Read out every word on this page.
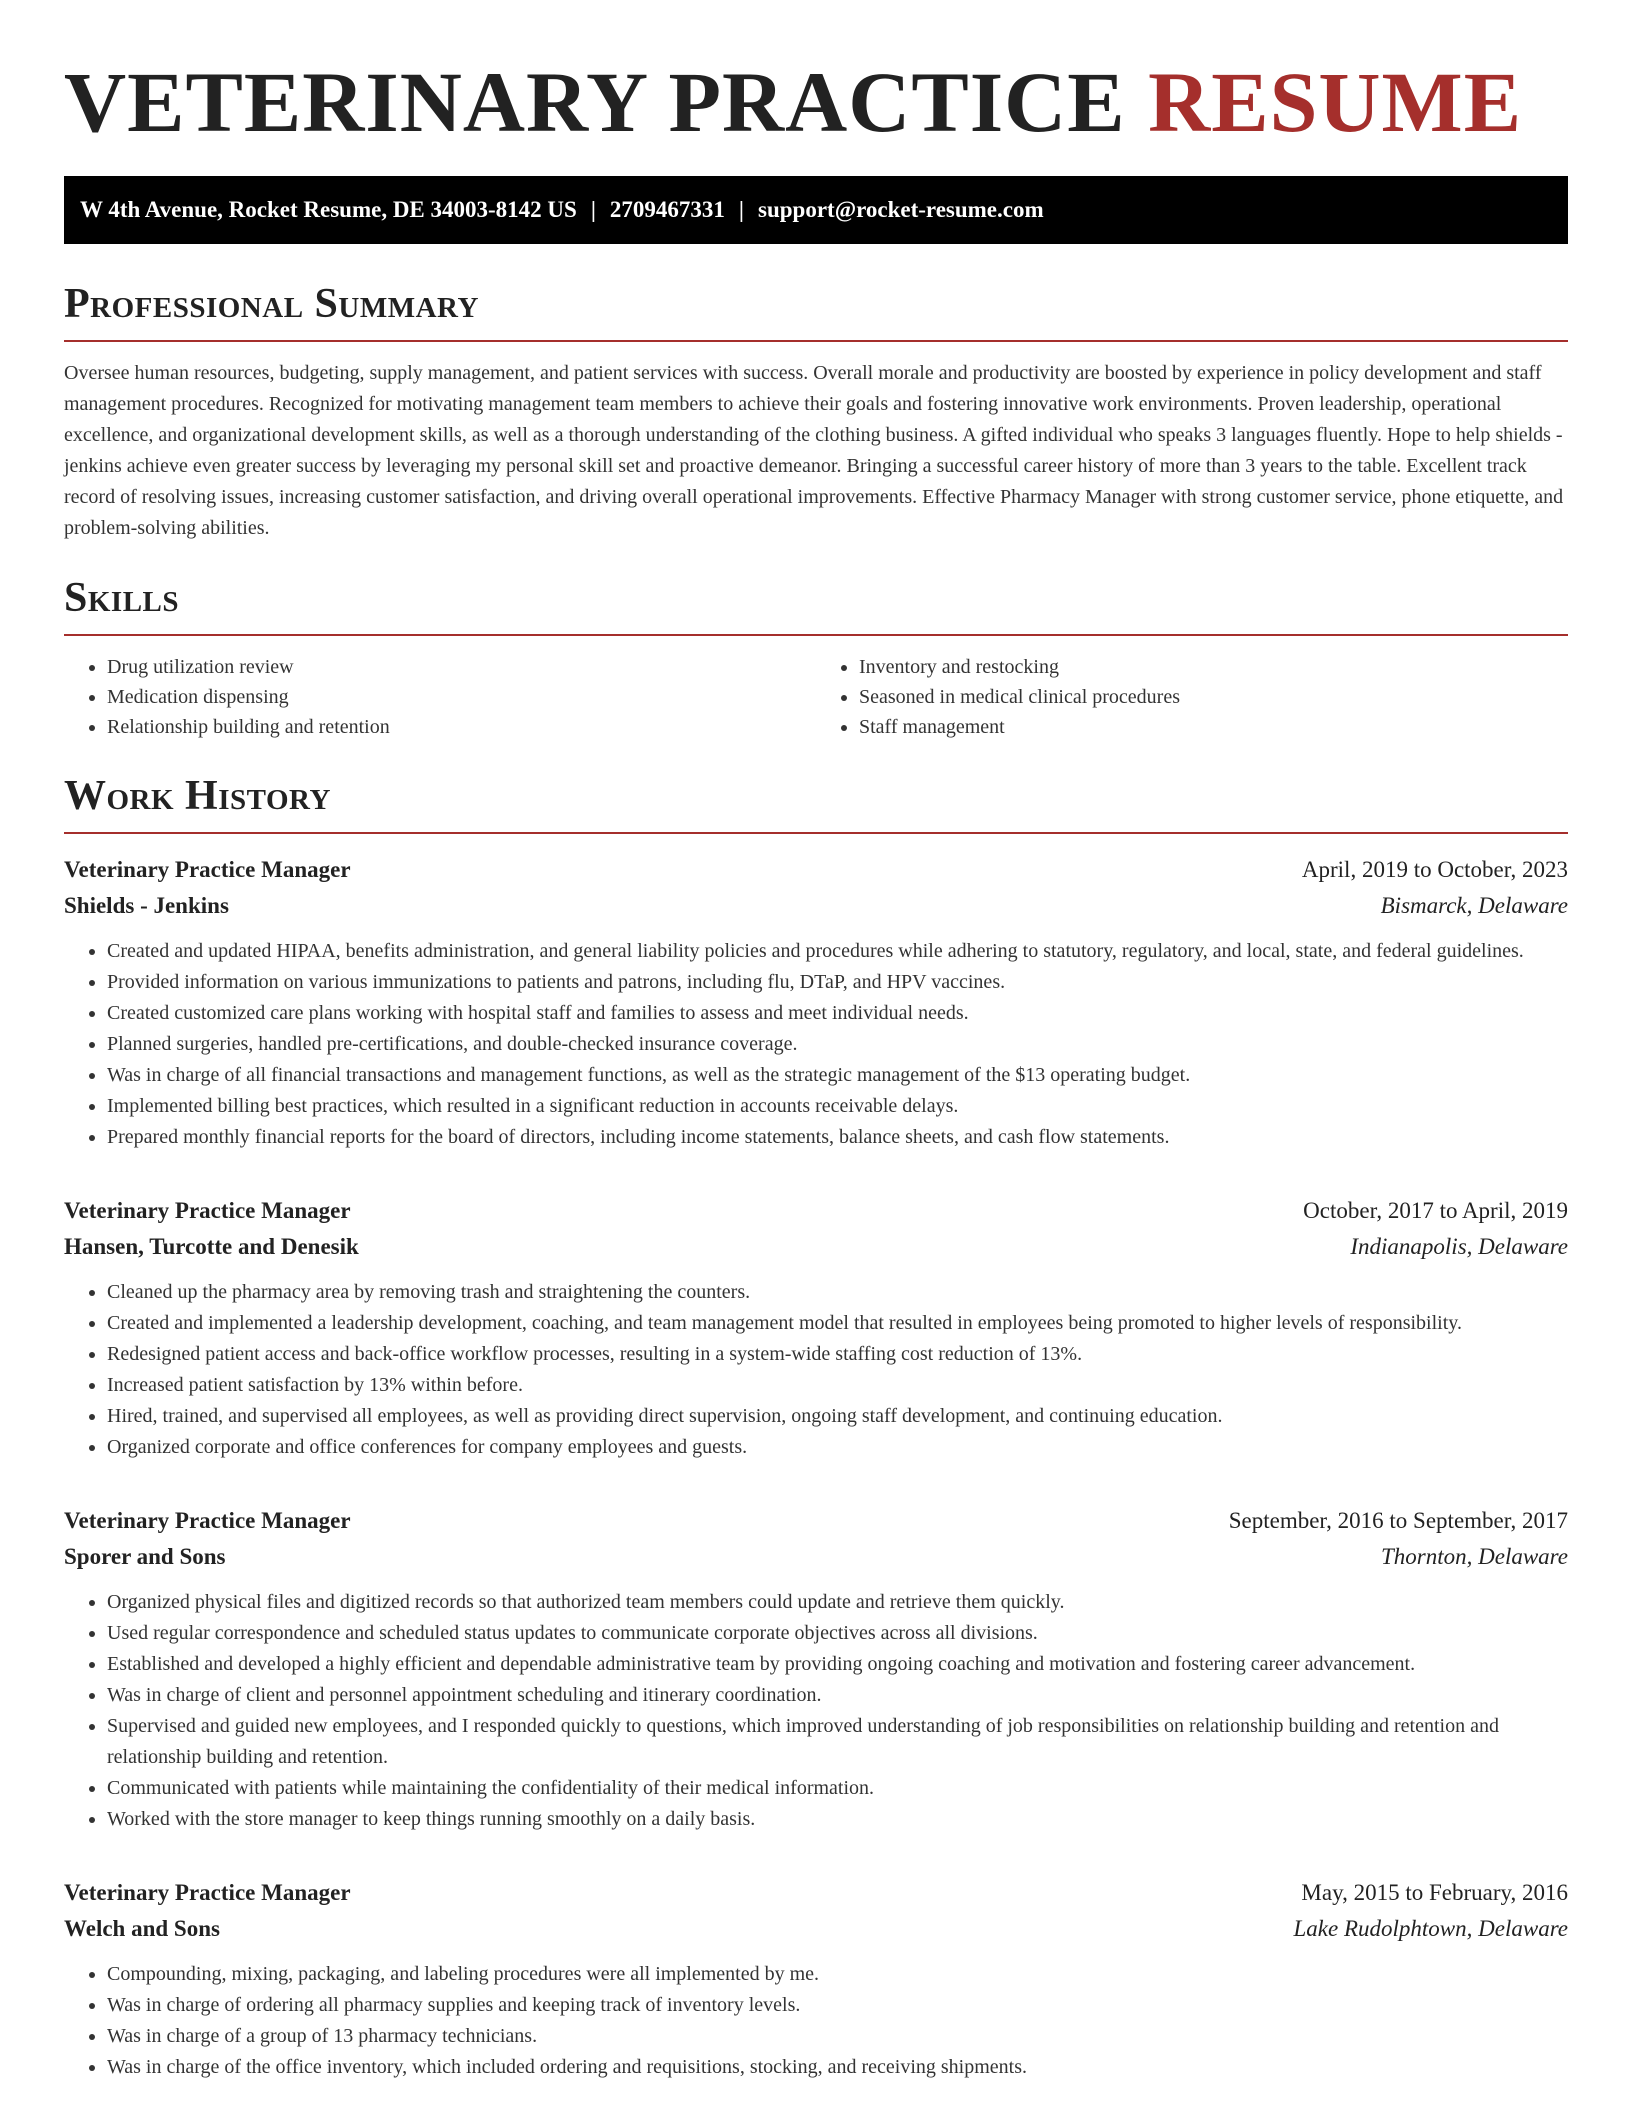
VETERINARY PRACTICE RESUME
W 4th Avenue, Rocket Resume, DE 34003-8142 US | 2709467331 | support@rocket-resume.com
Professional Summary

Oversee human resources, budgeting, supply management, and patient services with success. Overall morale and productivity are boosted by experience in policy development and staff management procedures. Recognized for motivating management team members to achieve their goals and fostering innovative work environments. Proven leadership, operational excellence, and organizational development skills, as well as a thorough understanding of the clothing business. A gifted individual who speaks 3 languages fluently. Hope to help shields - jenkins achieve even greater success by leveraging my personal skill set and proactive demeanor. Bringing a successful career history of more than 3 years to the table. Excellent track record of resolving issues, increasing customer satisfaction, and driving overall operational improvements. Effective Pharmacy Manager with strong customer service, phone etiquette, and problem-solving abilities.

Skills
• Drug utilization review
• Medication dispensing
• Relationship building and retention
• Inventory and restocking
• Seasoned in medical clinical procedures
• Staff management
Work History
Veterinary Practice Manager	April, 2019 to October, 2023
Shields - Jenkins	Bismarck, Delaware
• Created and updated HIPAA, benefits administration, and general liability policies and procedures while adhering to statutory, regulatory, and local, state, and federal guidelines.
• Provided information on various immunizations to patients and patrons, including flu, DTaP, and HPV vaccines.
• Created customized care plans working with hospital staff and families to assess and meet individual needs.
• Planned surgeries, handled pre-certifications, and double-checked insurance coverage.
• Was in charge of all financial transactions and management functions, as well as the strategic management of the $13 operating budget.
• Implemented billing best practices, which resulted in a significant reduction in accounts receivable delays.
• Prepared monthly financial reports for the board of directors, including income statements, balance sheets, and cash flow statements.
Veterinary Practice Manager	October, 2017 to April, 2019
Hansen, Turcotte and Denesik	Indianapolis, Delaware
• Cleaned up the pharmacy area by removing trash and straightening the counters.
• Created and implemented a leadership development, coaching, and team management model that resulted in employees being promoted to higher levels of responsibility.
• Redesigned patient access and back-office workflow processes, resulting in a system-wide staffing cost reduction of 13%.
• Increased patient satisfaction by 13% within before.
• Hired, trained, and supervised all employees, as well as providing direct supervision, ongoing staff development, and continuing education.
• Organized corporate and office conferences for company employees and guests.
Veterinary Practice Manager	September, 2016 to September, 2017
Sporer and Sons	Thornton, Delaware
• Organized physical files and digitized records so that authorized team members could update and retrieve them quickly.
• Used regular correspondence and scheduled status updates to communicate corporate objectives across all divisions.
• Established and developed a highly efficient and dependable administrative team by providing ongoing coaching and motivation and fostering career advancement.
• Was in charge of client and personnel appointment scheduling and itinerary coordination.
• Supervised and guided new employees, and I responded quickly to questions, which improved understanding of job responsibilities on relationship building and retention and relationship building and retention.
• Communicated with patients while maintaining the confidentiality of their medical information.
• Worked with the store manager to keep things running smoothly on a daily basis.
Veterinary Practice Manager	May, 2015 to February, 2016
Welch and Sons	Lake Rudolphtown, Delaware
• Compounding, mixing, packaging, and labeling procedures were all implemented by me.
• Was in charge of ordering all pharmacy supplies and keeping track of inventory levels.
• Was in charge of a group of 13 pharmacy technicians.
• Was in charge of the office inventory, which included ordering and requisitions, stocking, and receiving shipments.
